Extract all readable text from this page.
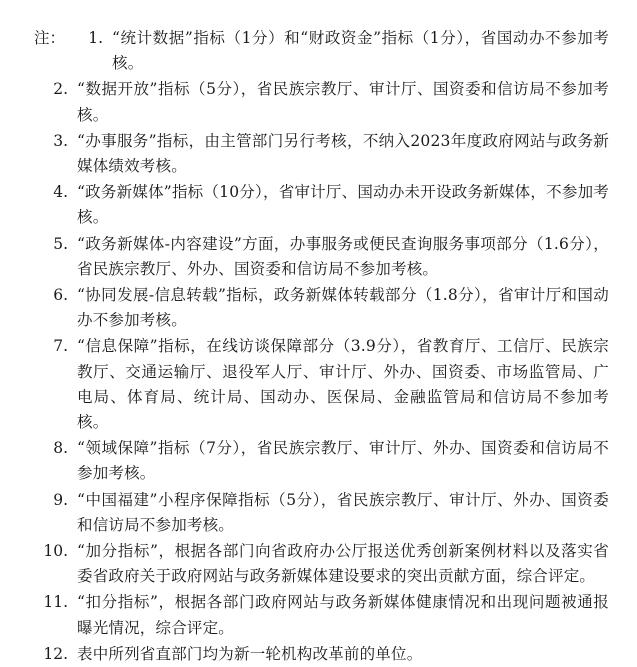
注：	1. “统计数据”指标（1分）和“财政资金”指标（1分），省国动办不参加考核。
2. “数据开放”指标（5分），省民族宗教厅、审计厅、国资委和信访局不参加考核。
3. “办事服务”指标，由主管部门另行考核，不纳入2023年度政府网站与政务新媒体绩效考核。
4. “政务新媒体”指标（10分），省审计厅、国动办未开设政务新媒体，不参加考核。
5. “政务新媒体-内容建设”方面，办事服务或便民查询服务事项部分（1.6分），省民族宗教厅、外办、国资委和信访局不参加考核。
6. “协同发展-信息转载”指标，政务新媒体转载部分（1.8分），省审计厅和国动办不参加考核。
7. “信息保障”指标，在线访谈保障部分（3.9分），省教育厅、工信厅、民族宗教厅、交通运输厅、退役军人厅、审计厅、外办、国资委、市场监管局、广电局、体育局、统计局、国动办、医保局、金融监管局和信访局不参加考核。
8. “领域保障”指标（7分），省民族宗教厅、审计厅、外办、国资委和信访局不参加考核。
9. “中国福建”小程序保障指标（5分），省民族宗教厅、审计厅、外办、国资委和信访局不参加考核。
10. “加分指标”，根据各部门向省政府办公厅报送优秀创新案例材料以及落实省委省政府关于政府网站与政务新媒体建设要求的突出贡献方面，综合评定。
11. “扣分指标”，根据各部门政府网站与政务新媒体健康情况和出现问题被通报曝光情况，综合评定。
12. 表中所列省直部门均为新一轮机构改革前的单位。
